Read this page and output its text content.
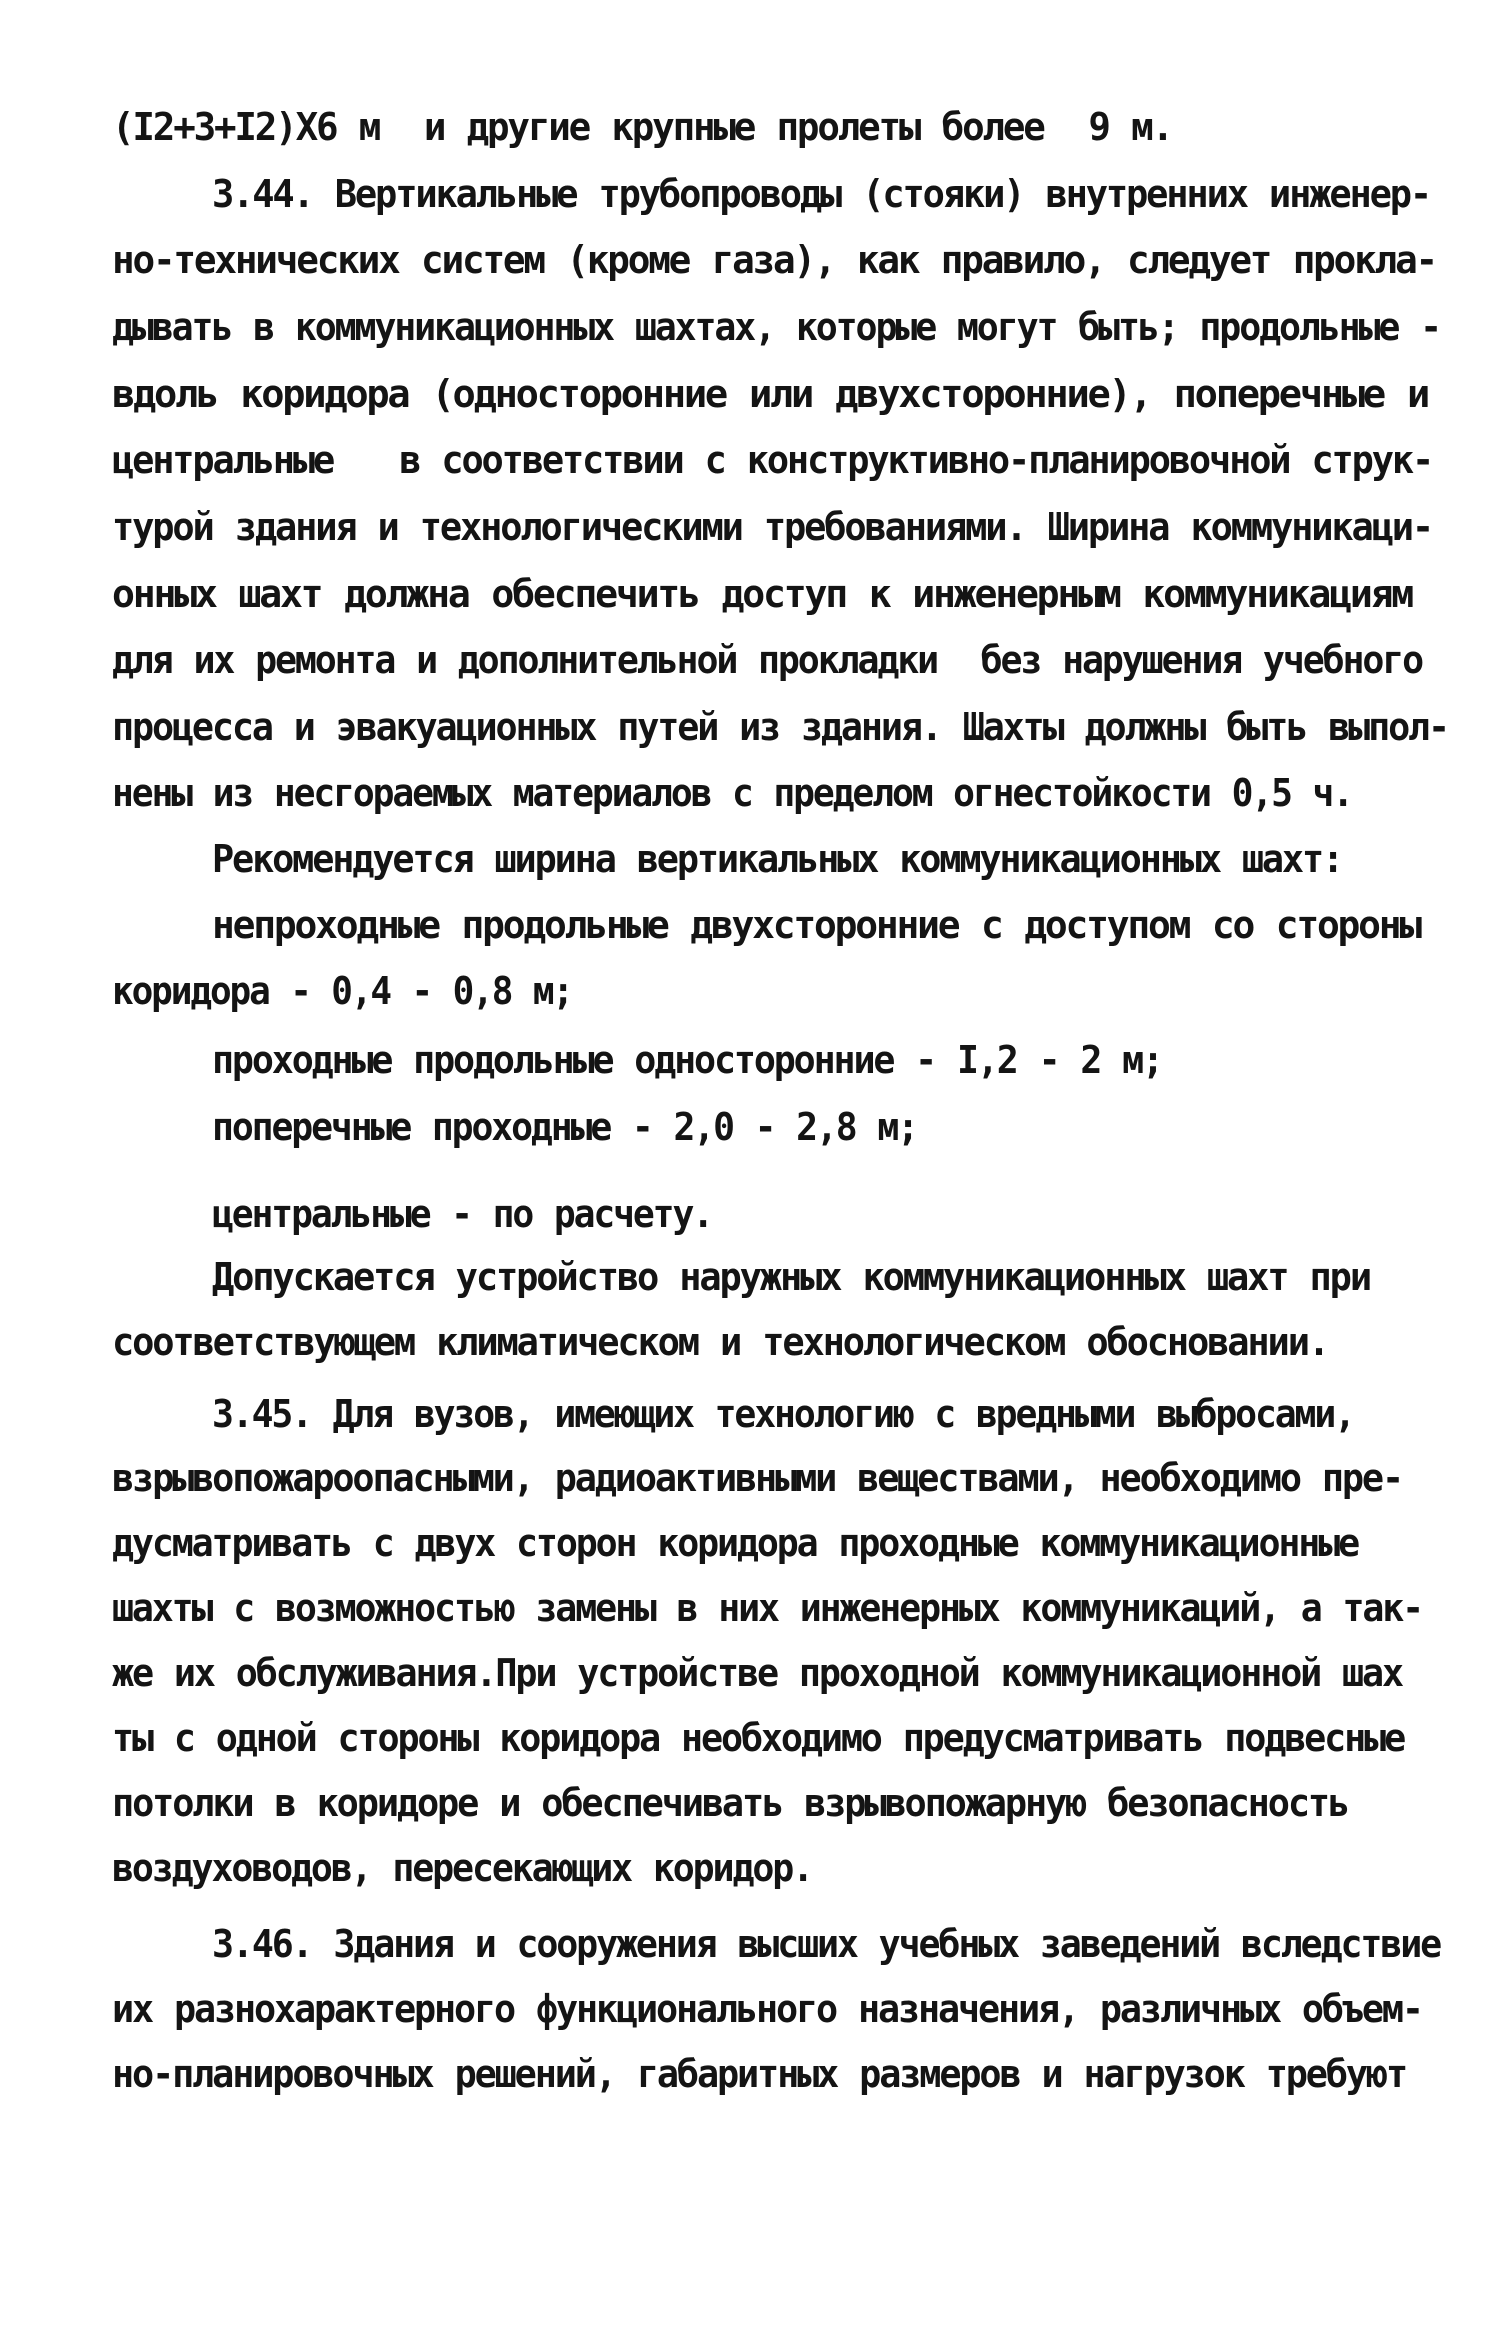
(I2+3+I2)X6 м  и другие крупные пролеты более  9 м.
3.44. Вертикальные трубопроводы (стояки) внутренних инженер-
но-технических систем (кроме газа), как правило, следует прокла-
дывать в коммуникационных шахтах, которые могут быть; продольные -
вдоль коридора (односторонние или двухсторонние), поперечные и
центральные   в соответствии с конструктивно-планировочной струк-
турой здания и технологическими требованиями. Ширина коммуникаци-
онных шахт должна обеспечить доступ к инженерным коммуникациям
для их ремонта и дополнительной прокладки  без нарушения учебного
процесса и эвакуационных путей из здания. Шахты должны быть выпол-
нены из несгораемых материалов с пределом огнестойкости 0,5 ч.
Рекомендуется ширина вертикальных коммуникационных шахт:
непроходные продольные двухсторонние с доступом со стороны
коридора - 0,4 - 0,8 м;
проходные продольные односторонние - I,2 - 2 м;
поперечные проходные - 2,0 - 2,8 м;
центральные - по расчету.
Допускается устройство наружных коммуникационных шахт при
соответствующем климатическом и технологическом обосновании.
3.45. Для вузов, имеющих технологию с вредными выбросами,
взрывопожароопасными, радиоактивными веществами, необходимо пре-
дусматривать с двух сторон коридора проходные коммуникационные
шахты с возможностью замены в них инженерных коммуникаций, а так-
же их обслуживания.При устройстве проходной коммуникационной шах
ты с одной стороны коридора необходимо предусматривать подвесные
потолки в коридоре и обеспечивать взрывопожарную безопасность
воздуховодов, пересекающих коридор.
3.46. Здания и сооружения высших учебных заведений вследствие
их разнохарактерного функционального назначения, различных объем-
но-планировочных решений, габаритных размеров и нагрузок требуют
